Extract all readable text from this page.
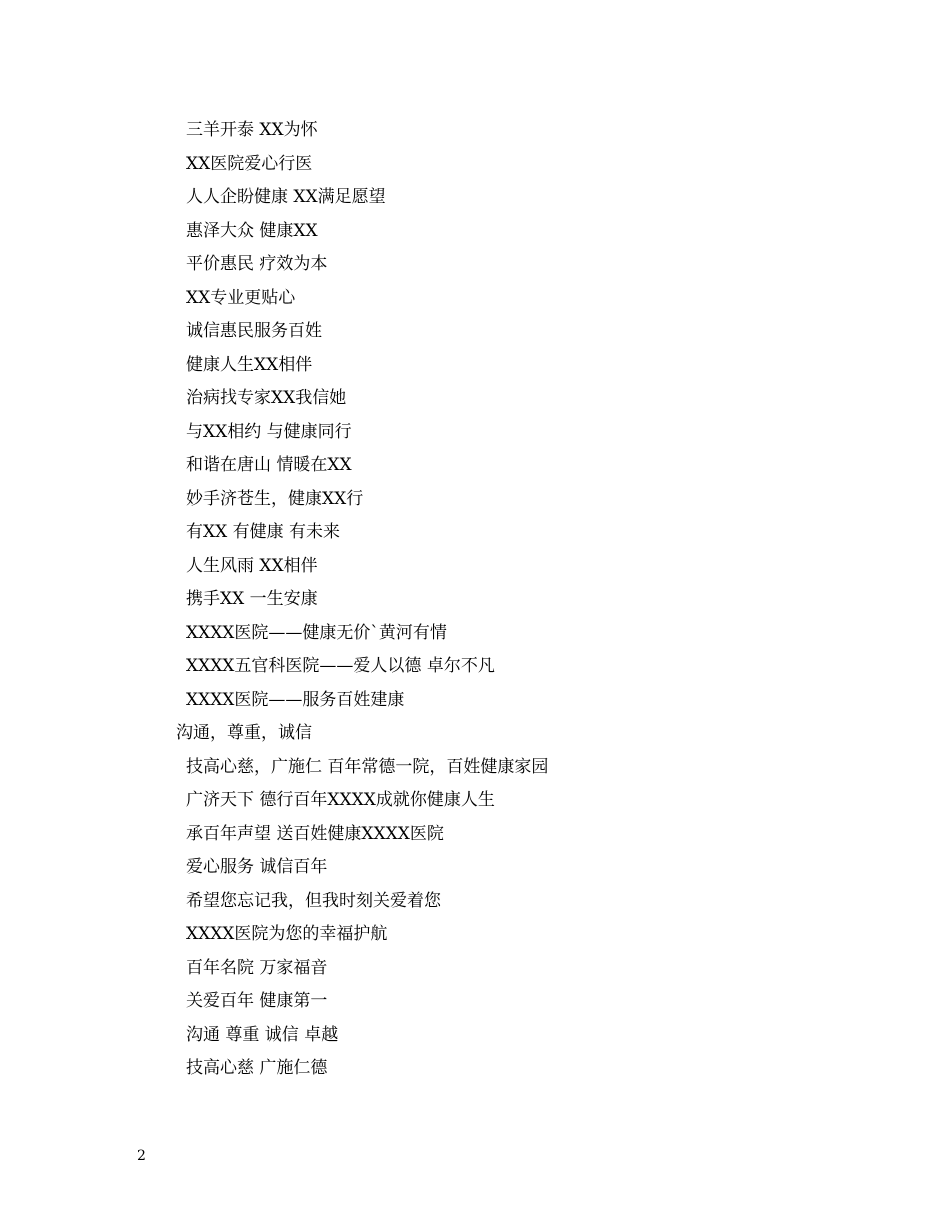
三羊开泰 XX为怀
XX医院爱心行医
人人企盼健康 XX满足愿望
惠泽大众 健康XX
平价惠民 疗效为本
XX专业更贴心
诚信惠民服务百姓
健康人生XX相伴
治病找专家XX我信她
与XX相约 与健康同行
和谐在唐山 情暖在XX
妙手济苍生，健康XX行
有XX 有健康 有未来
人生风雨 XX相伴
携手XX 一生安康
XXXX医院——健康无价`黄河有情
XXXX五官科医院——爱人以德 卓尔不凡
XXXX医院——服务百姓建康
沟通，尊重，诚信
技高心慈，广施仁 百年常德一院，百姓健康家园
广济天下 德行百年XXXX成就你健康人生
承百年声望 送百姓健康XXXX医院
爱心服务 诚信百年
希望您忘记我，但我时刻关爱着您
XXXX医院为您的幸福护航
百年名院 万家福音
关爱百年 健康第一
沟通 尊重 诚信 卓越
技高心慈 广施仁德
2
